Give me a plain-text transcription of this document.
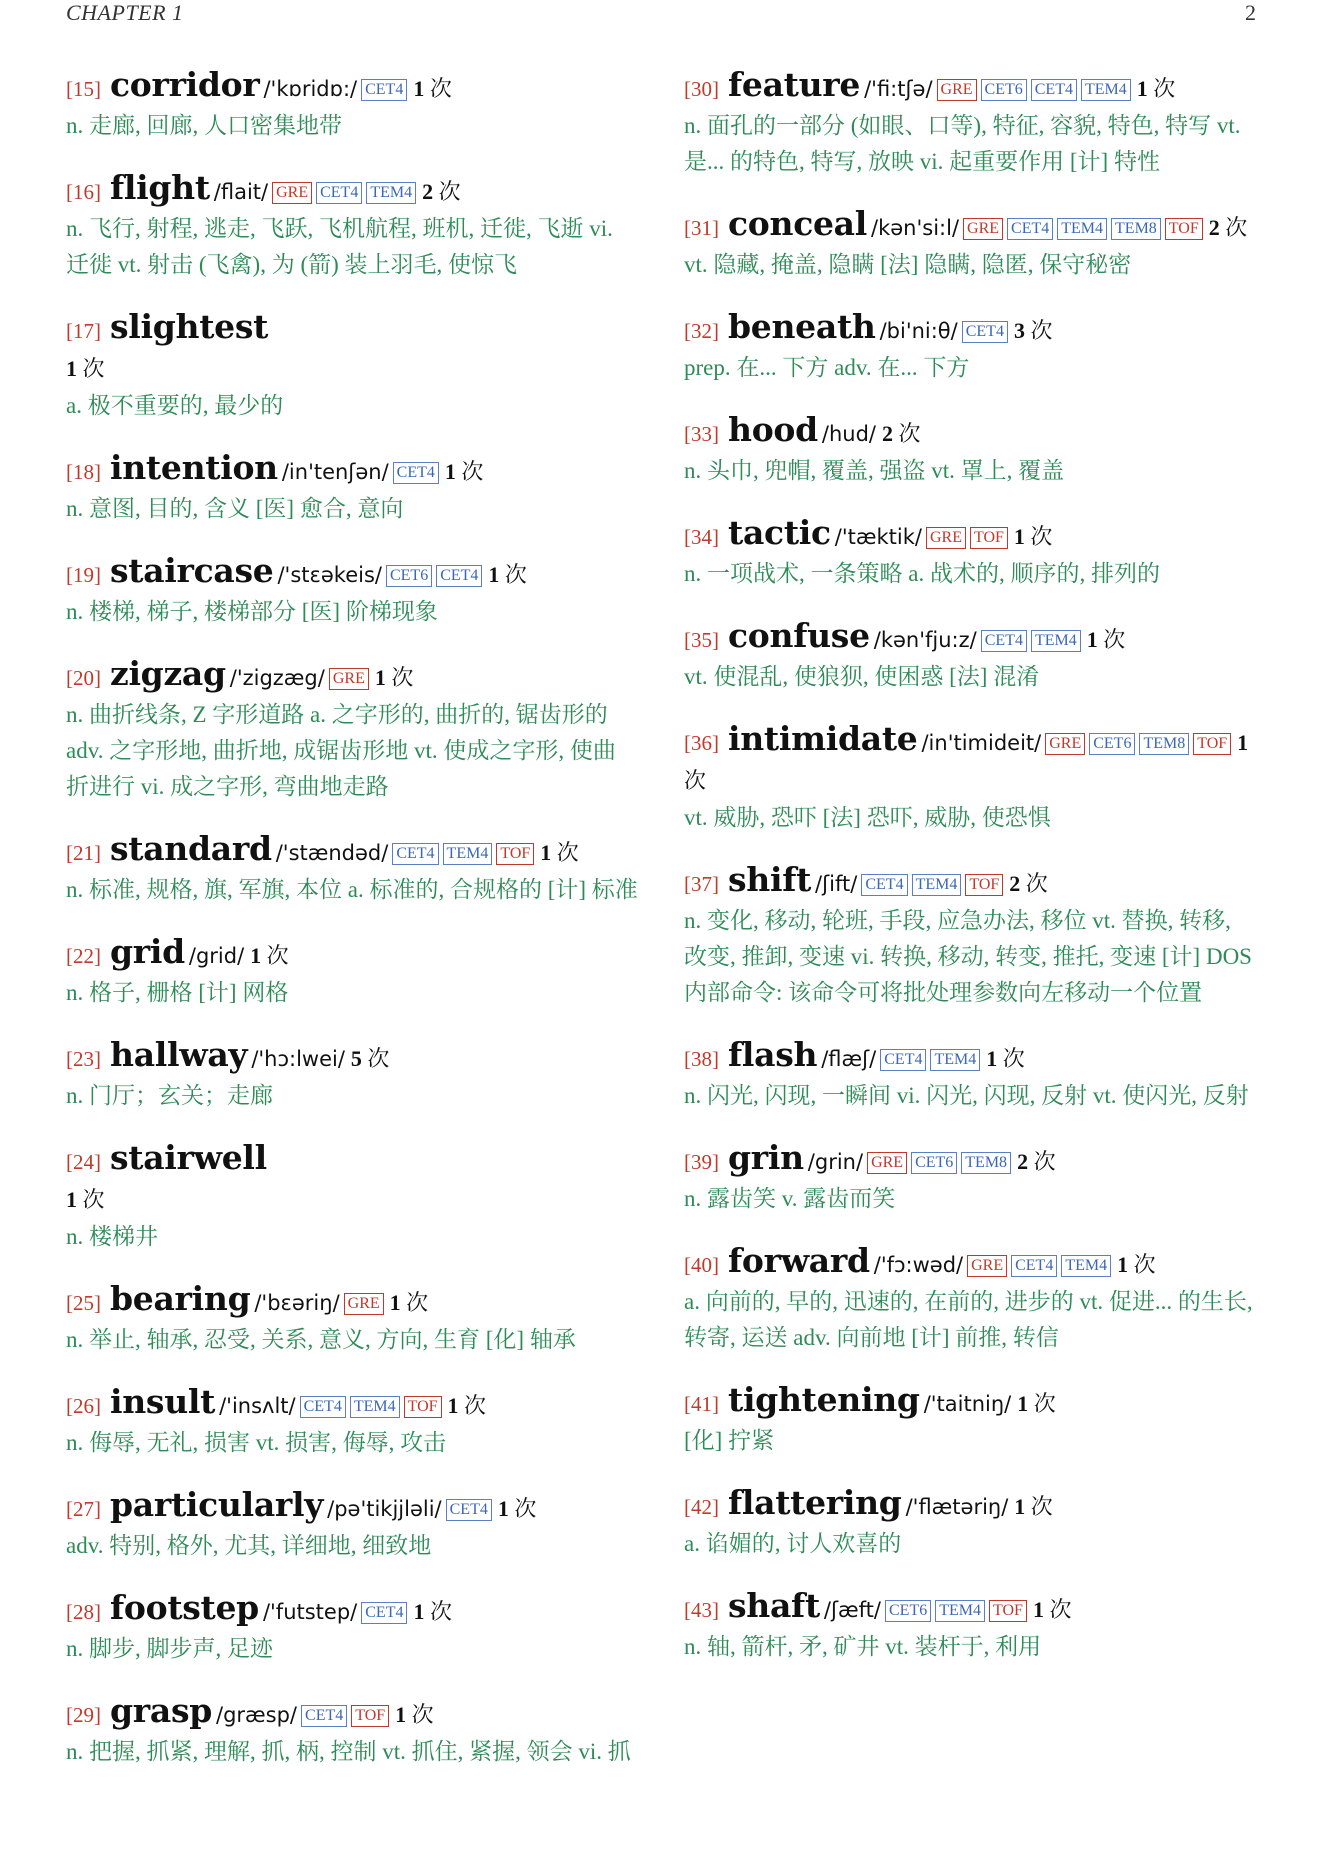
CHAPTER 1	2
[15] corridor /'kɒridɒ:/ CET4 1 次
n. 走廊, 回廊, 人口密集地带
[16] flight /flait/ GRE CET4 TEM4 2 次
n. 飞行, 射程, 逃走, 飞跃, 飞机航程, 班机, 迁徙, 飞逝 vi. 迁徙 vt. 射击 (飞禽), 为 (箭) 装上羽毛, 使惊飞
[17] slightest
1 次
a. 极不重要的, 最少的
[18] intention /in'tenʃən/ CET4 1 次
n. 意图, 目的, 含义 [医] 愈合, 意向
[19] staircase /'stɛəkeis/ CET6 CET4 1 次
n. 楼梯, 梯子, 楼梯部分 [医] 阶梯现象
[20] zigzag /'zigzæg/ GRE 1 次
n. 曲折线条, Z 字形道路 a. 之字形的, 曲折的, 锯齿形的 adv. 之字形地, 曲折地, 成锯齿形地 vt. 使成之字形, 使曲折进行 vi. 成之字形, 弯曲地走路
[21] standard /'stændəd/ CET4 TEM4 TOF 1 次
n. 标准, 规格, 旗, 军旗, 本位 a. 标准的, 合规格的 [计] 标准
[22] grid /grid/ 1 次
n. 格子, 栅格 [计] 网格
[23] hallway /'hɔ:lwei/ 5 次
n. 门厅；玄关；走廊
[24] stairwell
1 次
n. 楼梯井
[25] bearing /'bɛəriŋ/ GRE 1 次
n. 举止, 轴承, 忍受, 关系, 意义, 方向, 生育 [化] 轴承
[26] insult /'insʌlt/ CET4 TEM4 TOF 1 次
n. 侮辱, 无礼, 损害 vt. 损害, 侮辱, 攻击
[27] particularly /pə'tikjjləli/ CET4 1 次
adv. 特别, 格外, 尤其, 详细地, 细致地
[28] footstep /'futstep/ CET4 1 次
n. 脚步, 脚步声, 足迹
[29] grasp /græsp/ CET4 TOF 1 次
n. 把握, 抓紧, 理解, 抓, 柄, 控制 vt. 抓住, 紧握, 领会 vi. 抓
[30] feature /'fi:tʃə/ GRE CET6 CET4 TEM4 1 次
n. 面孔的一部分 (如眼、口等), 特征, 容貌, 特色, 特写 vt. 是... 的特色, 特写, 放映 vi. 起重要作用 [计] 特性
[31] conceal /kən'si:l/ GRE CET4 TEM4 TEM8 TOF 2 次
vt. 隐藏, 掩盖, 隐瞒 [法] 隐瞒, 隐匿, 保守秘密
[32] beneath /bi'ni:θ/ CET4 3 次
prep. 在... 下方 adv. 在... 下方
[33] hood /hud/ 2 次
n. 头巾, 兜帽, 覆盖, 强盗 vt. 罩上, 覆盖
[34] tactic /'tæktik/ GRE TOF 1 次
n. 一项战术, 一条策略 a. 战术的, 顺序的, 排列的
[35] confuse /kən'fju:z/ CET4 TEM4 1 次
vt. 使混乱, 使狼狈, 使困惑 [法] 混淆
[36] intimidate /in'timideit/ GRE CET6 TEM8 TOF 1 次
vt. 威胁, 恐吓 [法] 恐吓, 威胁, 使恐惧
[37] shift /ʃift/ CET4 TEM4 TOF 2 次
n. 变化, 移动, 轮班, 手段, 应急办法, 移位 vt. 替换, 转移, 改变, 推卸, 变速 vi. 转换, 移动, 转变, 推托, 变速 [计] DOS 内部命令: 该命令可将批处理参数向左移动一个位置
[38] flash /flæʃ/ CET4 TEM4 1 次
n. 闪光, 闪现, 一瞬间 vi. 闪光, 闪现, 反射 vt. 使闪光, 反射
[39] grin /grin/ GRE CET6 TEM8 2 次
n. 露齿笑 v. 露齿而笑
[40] forward /'fɔ:wəd/ GRE CET4 TEM4 1 次
a. 向前的, 早的, 迅速的, 在前的, 进步的 vt. 促进... 的生长, 转寄, 运送 adv. 向前地 [计] 前推, 转信
[41] tightening /'taitniŋ/ 1 次
[化] 拧紧
[42] flattering /'flætəriŋ/ 1 次
a. 谄媚的, 讨人欢喜的
[43] shaft /ʃæft/ CET6 TEM4 TOF 1 次
n. 轴, 箭杆, 矛, 矿井 vt. 装杆于, 利用
